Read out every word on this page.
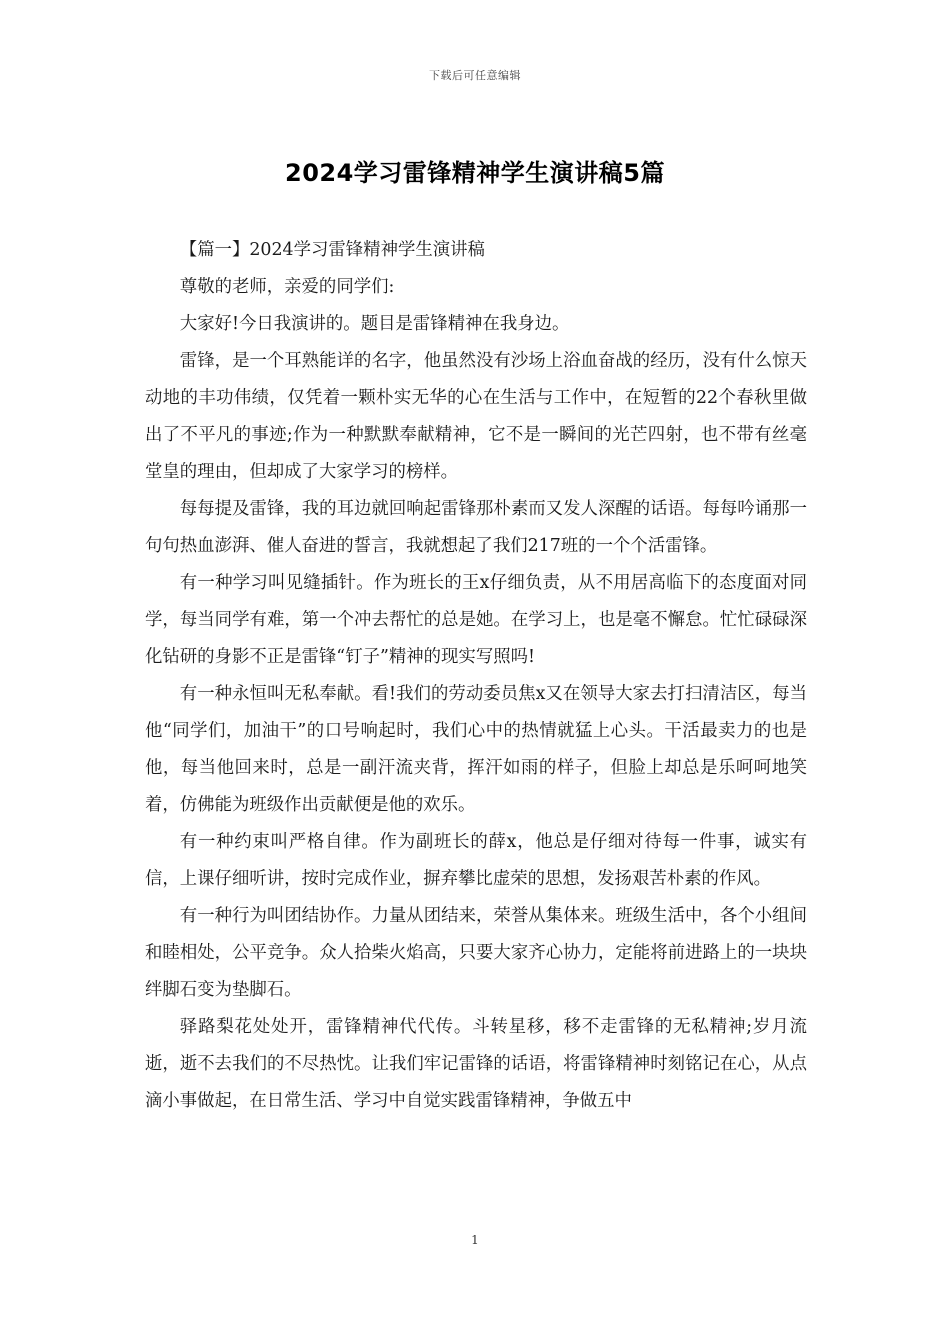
下载后可任意编辑
2024学习雷锋精神学生演讲稿5篇

【篇一】2024学习雷锋精神学生演讲稿

尊敬的老师，亲爱的同学们:

大家好!今日我演讲的。题目是雷锋精神在我身边。

雷锋，是一个耳熟能详的名字，他虽然没有沙场上浴血奋战的经历，没有什么惊天动地的丰功伟绩，仅凭着一颗朴实无华的心在生活与工作中，在短暂的22个春秋里做出了不平凡的事迹;作为一种默默奉献精神，它不是一瞬间的光芒四射，也不带有丝毫堂皇的理由，但却成了大家学习的榜样。

每每提及雷锋，我的耳边就回响起雷锋那朴素而又发人深醒的话语。每每吟诵那一句句热血澎湃、催人奋进的誓言，我就想起了我们217班的一个个活雷锋。

有一种学习叫见缝插针。作为班长的王x仔细负责，从不用居高临下的态度面对同学，每当同学有难，第一个冲去帮忙的总是她。在学习上，也是毫不懈怠。忙忙碌碌深化钻研的身影不正是雷锋“钉子”精神的现实写照吗!

有一种永恒叫无私奉献。看!我们的劳动委员焦x又在领导大家去打扫清洁区，每当他“同学们，加油干”的口号响起时，我们心中的热情就猛上心头。干活最卖力的也是他，每当他回来时，总是一副汗流夹背，挥汗如雨的样子，但脸上却总是乐呵呵地笑着，仿佛能为班级作出贡献便是他的欢乐。

有一种约束叫严格自律。作为副班长的薛x，他总是仔细对待每一件事，诚实有信，上课仔细听讲，按时完成作业，摒弃攀比虚荣的思想，发扬艰苦朴素的作风。

有一种行为叫团结协作。力量从团结来，荣誉从集体来。班级生活中，各个小组间和睦相处，公平竞争。众人拾柴火焰高，只要大家齐心协力，定能将前进路上的一块块绊脚石变为垫脚石。

驿路梨花处处开，雷锋精神代代传。斗转星移，移不走雷锋的无私精神;岁月流逝，逝不去我们的不尽热忱。让我们牢记雷锋的话语，将雷锋精神时刻铭记在心，从点滴小事做起，在日常生活、学习中自觉实践雷锋精神，争做五中

1
